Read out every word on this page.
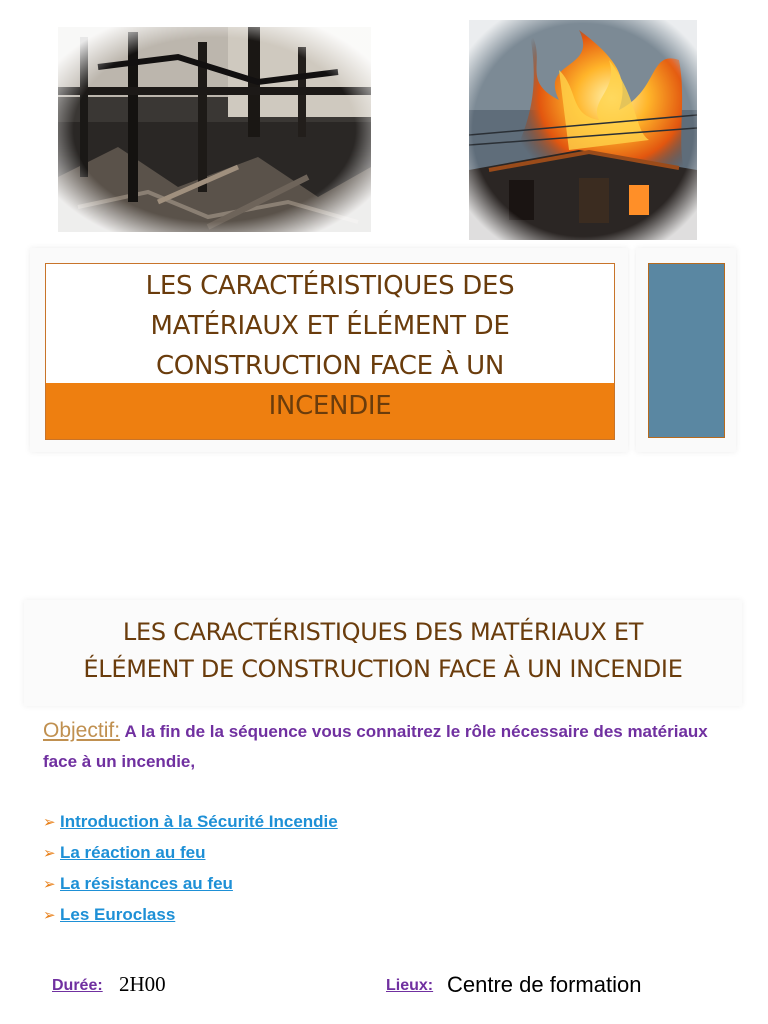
LES CARACTÉRISTIQUES DES
MATÉRIAUX ET ÉLÉMENT DE
CONSTRUCTION FACE À UN
INCENDIE
LES CARACTÉRISTIQUES DES MATÉRIAUX ET
ÉLÉMENT DE CONSTRUCTION FACE À UN INCENDIE
Objectif: A la fin de la séquence vous connaitrez le rôle nécessaire des matériaux face à un incendie,
➢ Introduction à la Sécurité Incendie
➢ La réaction au feu
➢ La résistances au feu
➢ Les Euroclass
Durée: 2H00	Lieux: Centre de formation
